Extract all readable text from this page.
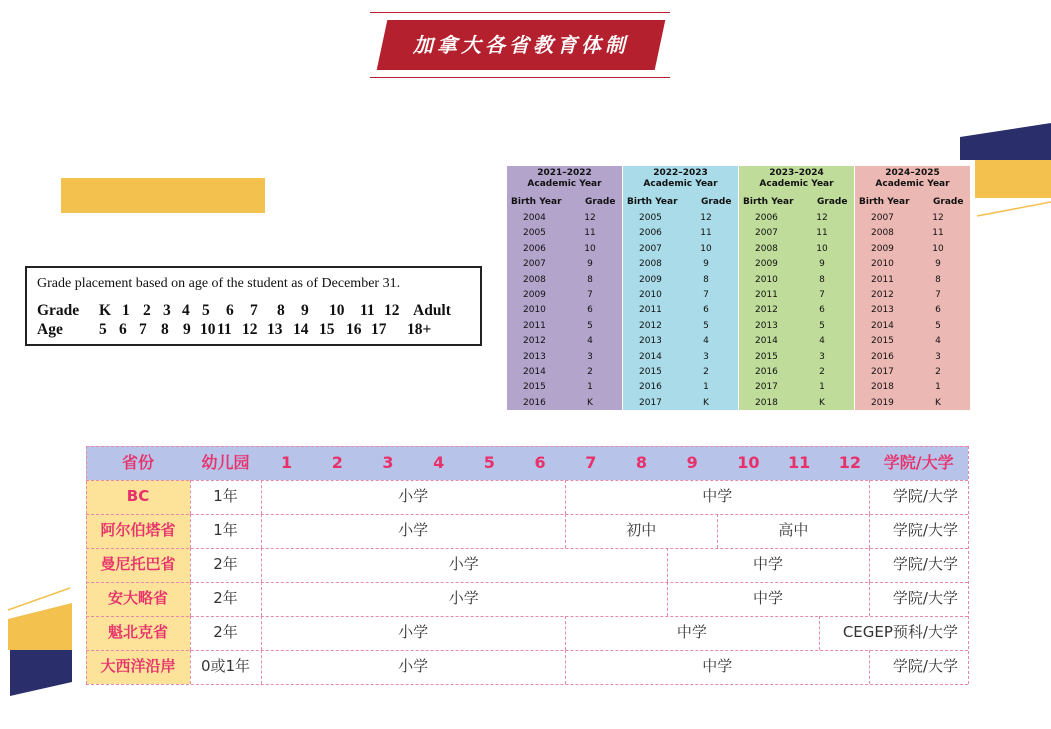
加拿大各省教育体制
Grade placement based on age of the student as of December 31.
Grade K 1 2 3 4 5 6 7 8 9 10 11 12 Adult
Age 5 6 7 8 9 10 11 12 13 14 15 16 17 18+
2021–2022
Academic Year
Birth Year	Grade
2004	12
2005	11
2006	10
2007	9
2008	8
2009	7
2010	6
2011	5
2012	4
2013	3
2014	2
2015	1
2016	K
2022–2023
Academic Year
Birth Year	Grade
2005	12
2006	11
2007	10
2008	9
2009	8
2010	7
2011	6
2012	5
2013	4
2014	3
2015	2
2016	1
2017	K
2023–2024
Academic Year
Birth Year	Grade
2006	12
2007	11
2008	10
2009	9
2010	8
2011	7
2012	6
2013	5
2014	4
2015	3
2016	2
2017	1
2018	K
2024–2025
Academic Year
Birth Year	Grade
2007	12
2008	11
2009	10
2010	9
2011	8
2012	7
2013	6
2014	5
2015	4
2016	3
2017	2
2018	1
2019	K
省份	幼儿园	1	2	3	4	5	6	7	8	9	10	11	12	学院/大学
BC	1年	小学	中学	学院/大学
阿尔伯塔省	1年	小学	初中	高中	学院/大学
曼尼托巴省	2年	小学	中学	学院/大学
安大略省	2年	小学	中学	学院/大学
魁北克省	2年	小学	中学	CEGEP预科/大学
大西洋沿岸	0或1年	小学	中学	学院/大学
